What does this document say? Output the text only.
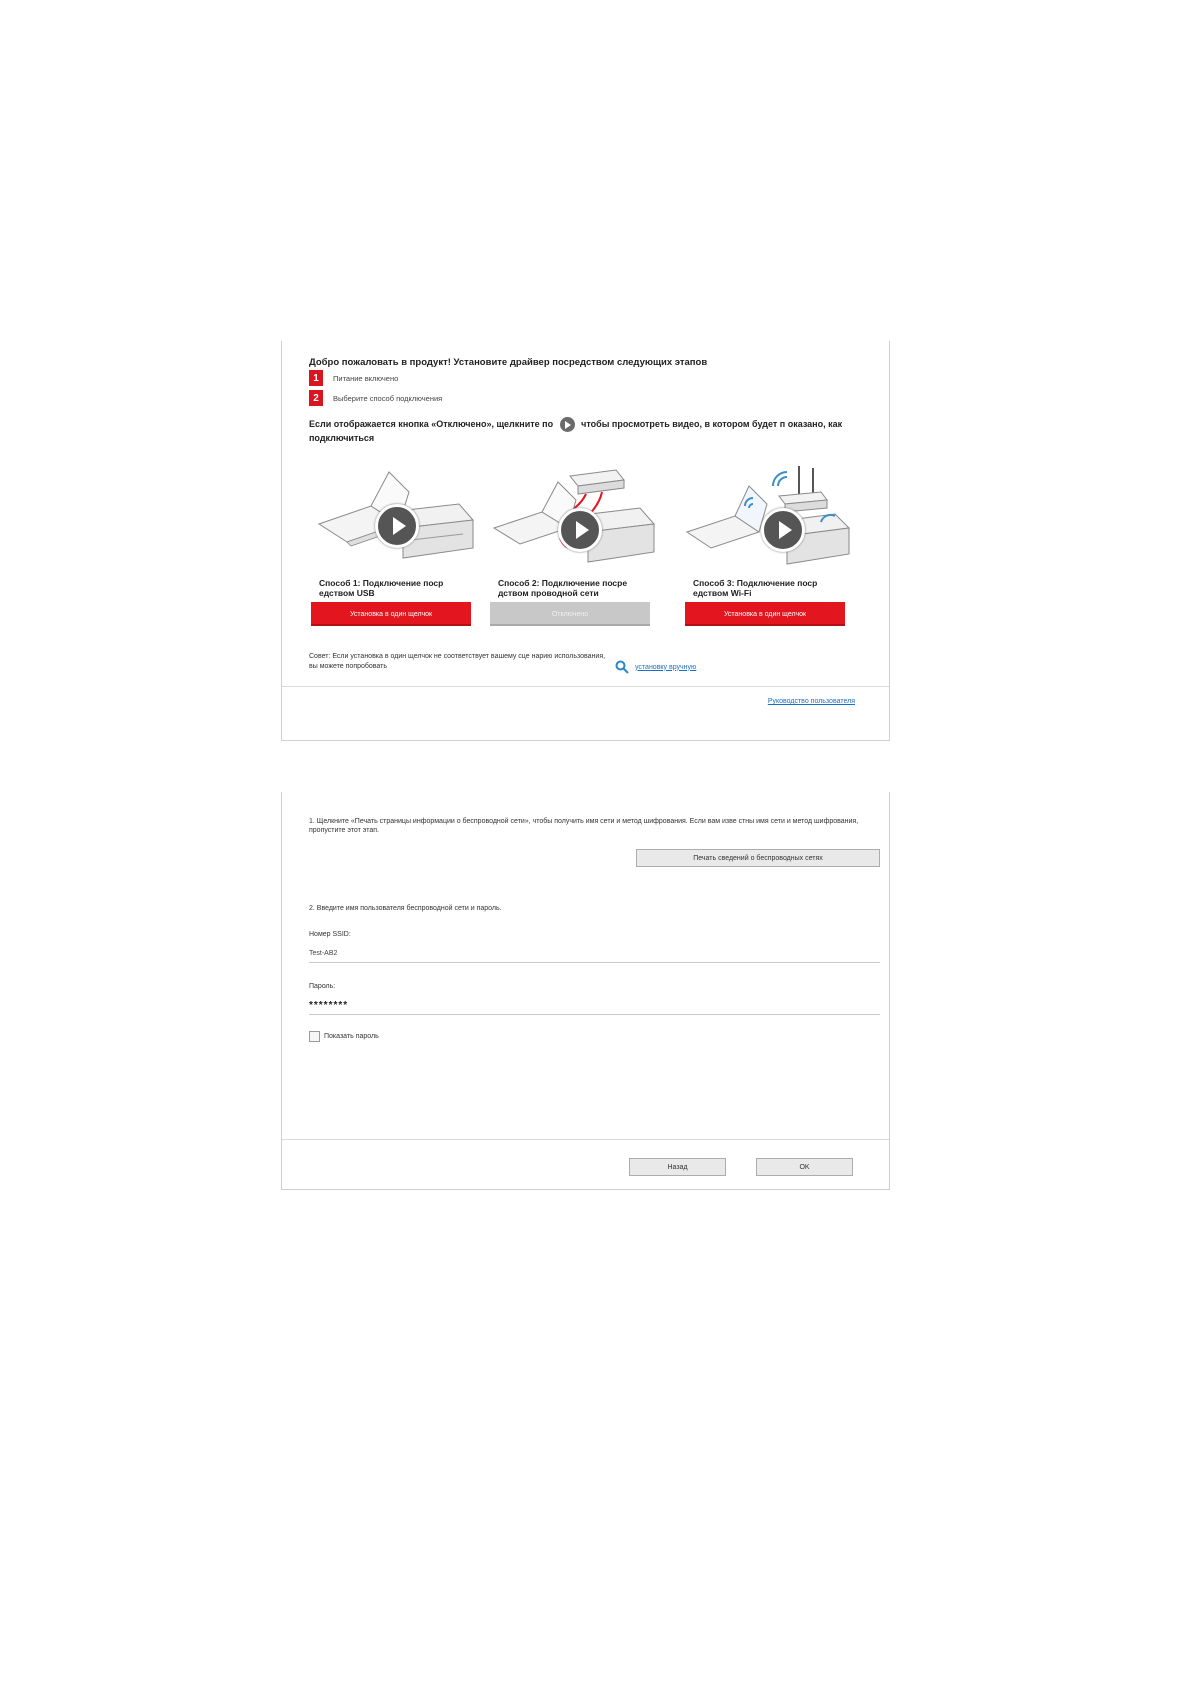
Добро пожаловать в продукт! Установите драйвер посредством следующих этапов
1	Питание включено
2	Выберите способ подключения
Если отображается кнопка «Отключено», щелкните по	чтобы просмотреть видео, в котором будет п оказано, как подключиться
Способ 1: Подключение поср едством USB
Установка в один щелчок
Способ 2: Подключение посре дством проводной сети
Отключено
Способ 3: Подключение поср едством Wi-Fi
Установка в один щелчок
Совет: Если установка в один щелчок не соответствует вашему сце нарию использования, вы можете попробовать	установку вручную
Руководство пользователя
1. Щелкните «Печать страницы информации о беспроводной сети», чтобы получить имя сети и метод шифрования. Если вам изве стны имя сети и метод шифрования, пропустите этот этап.
Печать сведений о беспроводных сетях
2. Введите имя пользователя беспроводной сети и пароль.
Номер SSID:
Test-AB2
Пароль:
********
Показать пароль
Назад	OK
